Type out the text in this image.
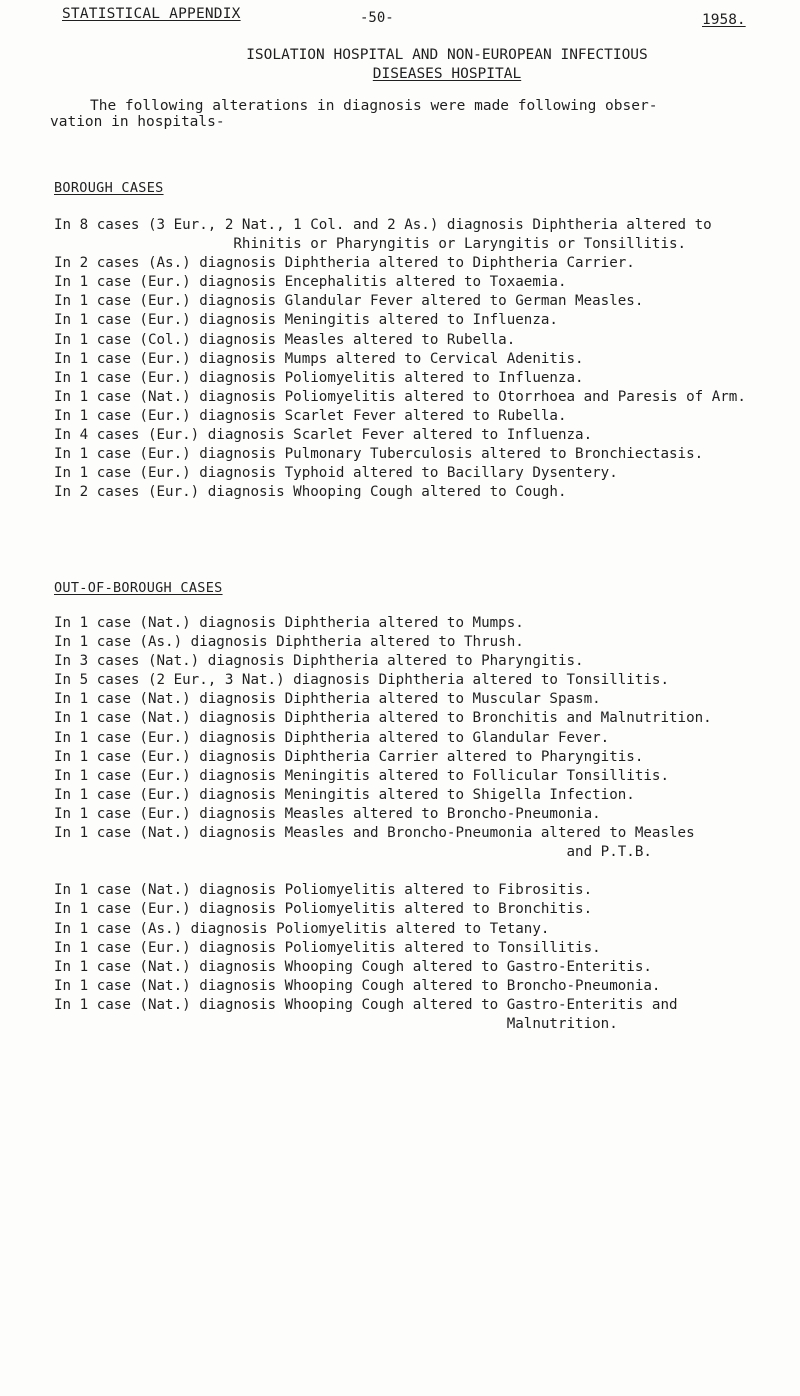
STATISTICAL APPENDIX	-50-	1958.
ISOLATION HOSPITAL AND NON-EUROPEAN INFECTIOUS
DISEASES HOSPITAL
The following alterations in diagnosis were made following obser-
vation in hospitals-
BOROUGH CASES
In 8 cases (3 Eur., 2 Nat., 1 Col. and 2 As.) diagnosis Diphtheria altered to
Rhinitis or Pharyngitis or Laryngitis or Tonsillitis.
In 2 cases (As.) diagnosis Diphtheria altered to Diphtheria Carrier.
In 1 case (Eur.) diagnosis Encephalitis altered to Toxaemia.
In 1 case (Eur.) diagnosis Glandular Fever altered to German Measles.
In 1 case (Eur.) diagnosis Meningitis altered to Influenza.
In 1 case (Col.) diagnosis Measles altered to Rubella.
In 1 case (Eur.) diagnosis Mumps altered to Cervical Adenitis.
In 1 case (Eur.) diagnosis Poliomyelitis altered to Influenza.
In 1 case (Nat.) diagnosis Poliomyelitis altered to Otorrhoea and Paresis of Arm.
In 1 case (Eur.) diagnosis Scarlet Fever altered to Rubella.
In 4 cases (Eur.) diagnosis Scarlet Fever altered to Influenza.
In 1 case (Eur.) diagnosis Pulmonary Tuberculosis altered to Bronchiectasis.
In 1 case (Eur.) diagnosis Typhoid altered to Bacillary Dysentery.
In 2 cases (Eur.) diagnosis Whooping Cough altered to Cough.
OUT-OF-BOROUGH CASES
In 1 case (Nat.) diagnosis Diphtheria altered to Mumps.
In 1 case (As.) diagnosis Diphtheria altered to Thrush.
In 3 cases (Nat.) diagnosis Diphtheria altered to Pharyngitis.
In 5 cases (2 Eur., 3 Nat.) diagnosis Diphtheria altered to Tonsillitis.
In 1 case (Nat.) diagnosis Diphtheria altered to Muscular Spasm.
In 1 case (Nat.) diagnosis Diphtheria altered to Bronchitis and Malnutrition.
In 1 case (Eur.) diagnosis Diphtheria altered to Glandular Fever.
In 1 case (Eur.) diagnosis Diphtheria Carrier altered to Pharyngitis.
In 1 case (Eur.) diagnosis Meningitis altered to Follicular Tonsillitis.
In 1 case (Eur.) diagnosis Meningitis altered to Shigella Infection.
In 1 case (Eur.) diagnosis Measles altered to Broncho-Pneumonia.
In 1 case (Nat.) diagnosis Measles and Broncho-Pneumonia altered to Measles
and P.T.B.

In 1 case (Nat.) diagnosis Poliomyelitis altered to Fibrositis.
In 1 case (Eur.) diagnosis Poliomyelitis altered to Bronchitis.
In 1 case (As.) diagnosis Poliomyelitis altered to Tetany.
In 1 case (Eur.) diagnosis Poliomyelitis altered to Tonsillitis.
In 1 case (Nat.) diagnosis Whooping Cough altered to Gastro-Enteritis.
In 1 case (Nat.) diagnosis Whooping Cough altered to Broncho-Pneumonia.
In 1 case (Nat.) diagnosis Whooping Cough altered to Gastro-Enteritis and
Malnutrition.
